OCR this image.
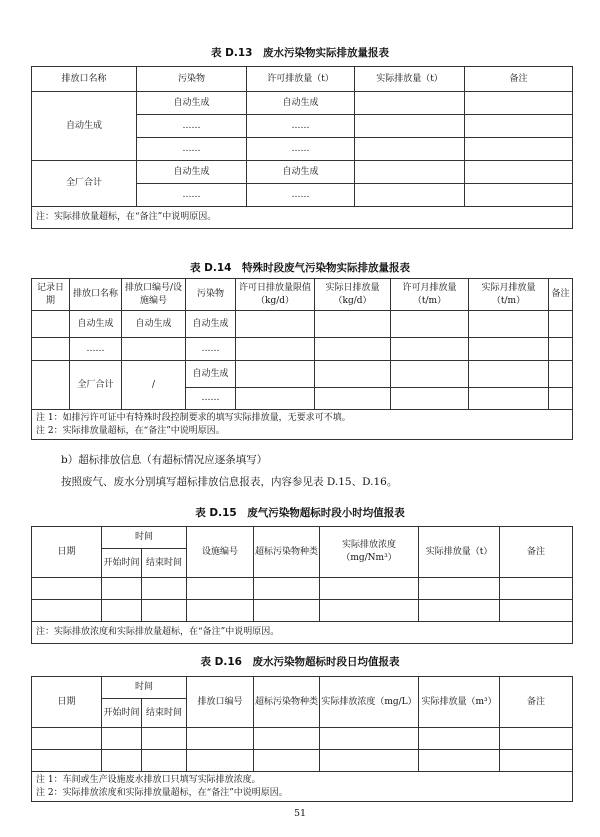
表 D.13　废水污染物实际排放量报表
排放口名称	污染物	许可排放量（t）	实际排放量（t）	备注
自动生成	自动生成	自动生成		
	……	……		
	……	……		
全厂合计	自动生成	自动生成		
	……	……		
注：实际排放量超标，在“备注”中说明原因。				
表 D.14　特殊时段废气污染物实际排放量报表
记录日期	排放口名称	排放口编号/设施编号	污染物	许可日排放量限值（kg/d）	实际日排放量（kg/d）	许可月排放量（t/m）	实际月排放量（t/m）	备注
	自动生成	自动生成	自动生成					
	……		……					
	全厂合计	/	自动生成					
			……					

注 1：如排污许可证中有特殊时段控制要求的填写实际排放量，无要求可不填。
注 2：实际排放量超标，在“备注”中说明原因。								
b）超标排放信息（有超标情况应逐条填写）
按照废气、废水分别填写超标排放信息报表，内容参见表 D.15、D.16。
表 D.15　废气污染物超标时段小时均值报表
日期	时间		设施编号	超标污染物种类	实际排放浓度（mg/Nm³）	实际排放量（t）	备注
	开始时间	结束时间					

注：实际排放浓度和实际排放量超标，在“备注”中说明原因。							
表 D.16　废水污染物超标时段日均值报表
日期	时间		排放口编号	超标污染物种类	实际排放浓度（mg/L）	实际排放量（m³）	备注
	开始时间	结束时间					

注 1：车间或生产设施废水排放口只填写实际排放浓度。
注 2：实际排放浓度和实际排放量超标，在“备注”中说明原因。							
51
